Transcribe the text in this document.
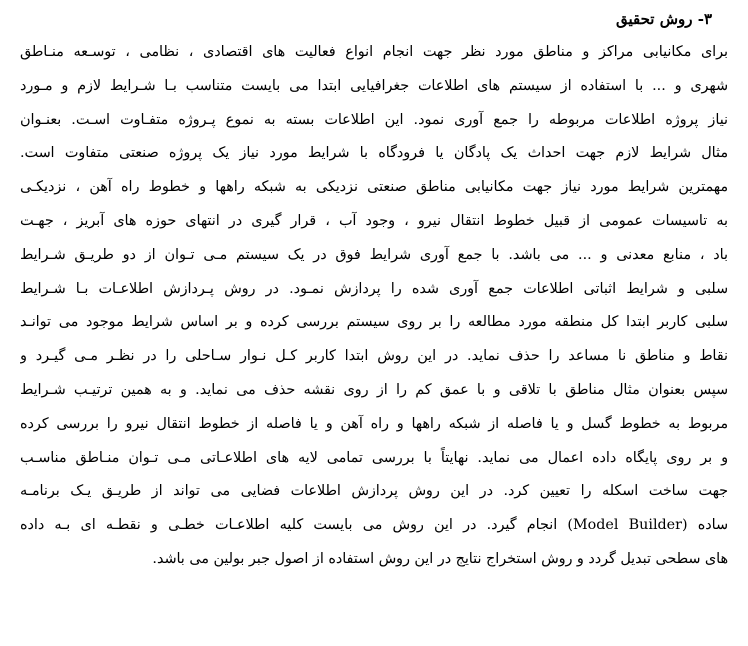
۳- روش تحقیق
برای مکانیابی مراکز و مناطق مورد نظر جهت انجام انواع فعالیت های اقتصادی ، نظامی ، توسـعه منـاطق
شهری و ... با استفاده از سیستم های اطلاعات جغرافیایی ابتدا می بایست متناسب بـا شـرایط لازم و مـورد
نیاز پروژه اطلاعات مربوطه را جمع آوری نمود. این اطلاعات بسته به نموع پـروژه متفـاوت اسـت. بعنـوان
مثال شرایط لازم جهت احداث یک پادگان یا فرودگاه با شرایط مورد نیاز یک پروژه صنعتی متفاوت است.
مهمترین شرایط مورد نیاز جهت مکانیابی مناطق صنعتی نزدیکی به شبکه راهها و خطوط راه آهن ، نزدیکـی
به تاسیسات عمومی از قبیل خطوط انتقال نیرو ، وجود آب ، قرار گیری در انتهای حوزه های آبریز ، جهـت
باد ، منابع معدنی و ... می باشد. با جمع آوری شرایط فوق در یک سیستم مـی تـوان از دو طریـق شـرایط
سلبی و شرایط اثباتی اطلاعات جمع آوری شده را پردازش نمـود. در روش پـردازش اطلاعـات بـا شـرایط
سلبی کاربر ابتدا کل منطقه مورد مطالعه را بر روی سیستم بررسی کرده و بر اساس شرایط موجود می توانـد
نقاط و مناطق نا مساعد را حذف نماید. در این روش ابتدا کاربر کـل نـوار سـاحلی را در نظـر مـی گیـرد و
سپس بعنوان مثال مناطق با تلاقی و با عمق کم را از روی نقشه حذف می نماید. و به همین ترتیـب شـرایط
مربوط به خطوط گسل و یا فاصله از شبکه راهها و راه آهن و یا فاصله از خطوط انتقال نیرو را بررسی کرده
و بر روی پایگاه داده اعمال می نماید. نهایتاً با بررسی تمامی لایه های اطلاعـاتی مـی تـوان منـاطق مناسـب
جهت ساخت اسکله را تعیین کرد. در این روش پردازش اطلاعات فضایی می تواند از طریـق یـک برنامـه
ساده (Model Builder) انجام گیرد. در این روش می بایست کلیه اطلاعـات خطـی و نقطـه ای بـه داده
های سطحی تبدیل گردد و روش استخراج نتایج در این روش استفاده از اصول جبر بولین می باشد.
